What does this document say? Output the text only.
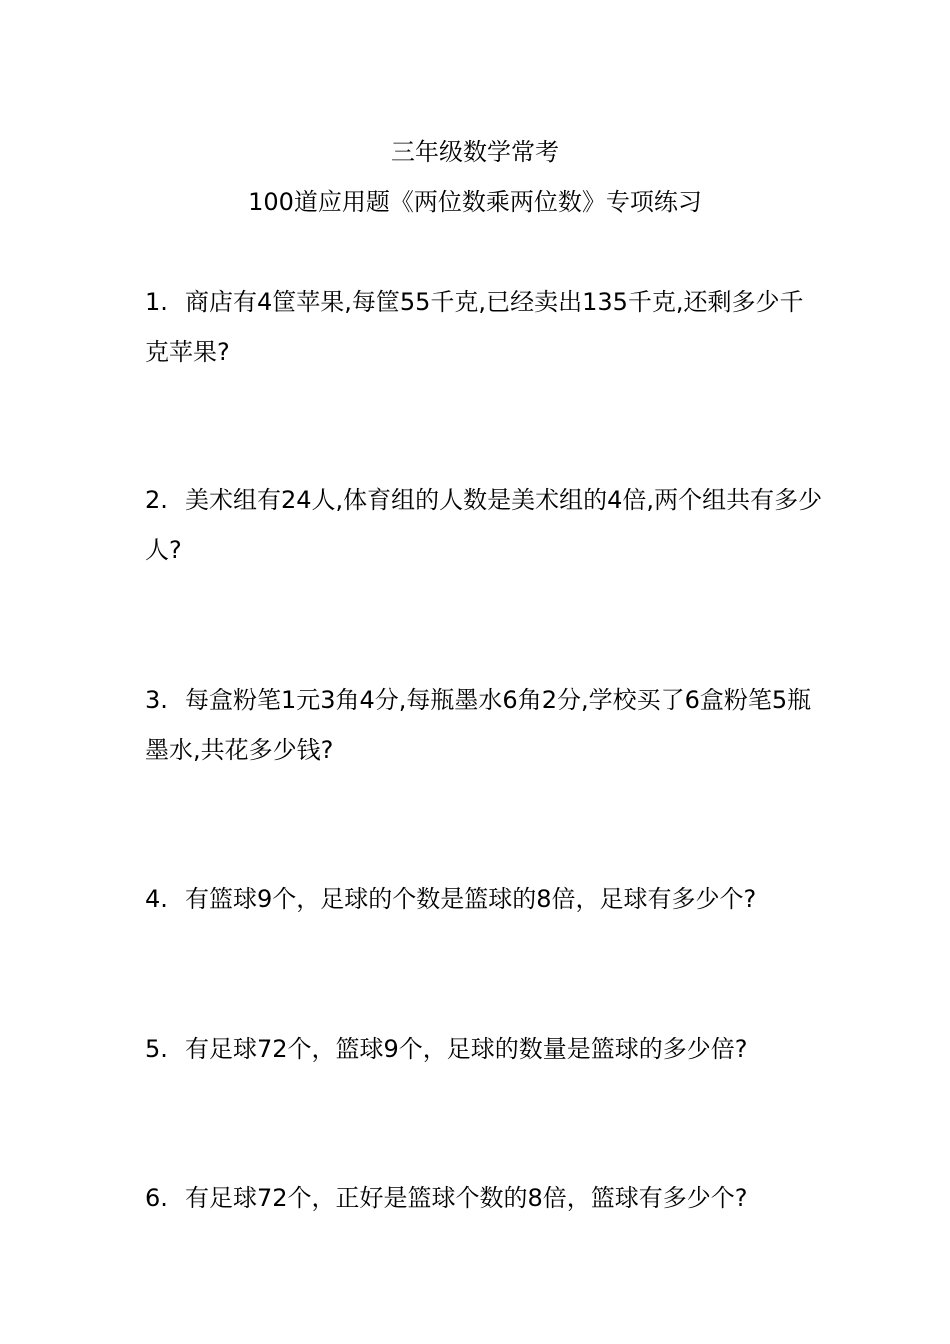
三年级数学常考
100道应用题《两位数乘两位数》专项练习
1. 商店有4筐苹果,每筐55千克,已经卖出135千克,还剩多少千克苹果?
2. 美术组有24人,体育组的人数是美术组的4倍,两个组共有多少人?
3. 每盒粉笔1元3角4分,每瓶墨水6角2分,学校买了6盒粉笔5瓶墨水,共花多少钱?
4. 有篮球9个，足球的个数是篮球的8倍，足球有多少个?
5. 有足球72个，篮球9个，足球的数量是篮球的多少倍?
6. 有足球72个，正好是篮球个数的8倍，篮球有多少个?
